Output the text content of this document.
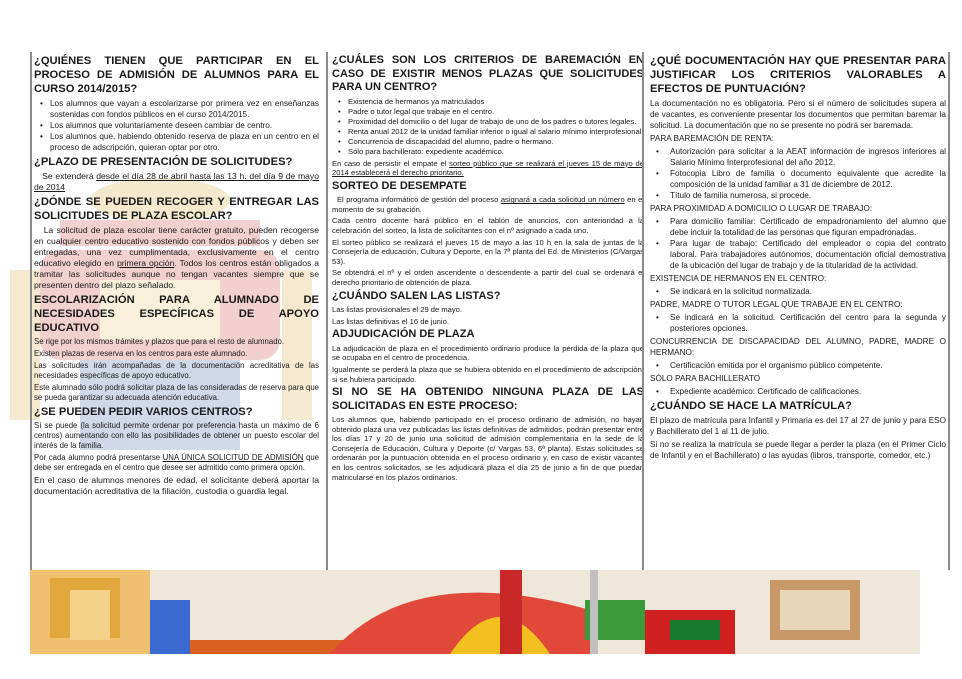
¿QUIÉNES TIENEN QUE PARTICIPAR EN EL PROCESO DE ADMISIÓN DE ALUMNOS PARA EL CURSO 2014/2015?
• Los alumnos que vayan a escolarizarse por primera vez en enseñanzas sostenidas con fondos públicos en el curso 2014/2015.
• Los alumnos que voluntariamente deseen cambiar de centro.
• Los alumnos que, habiendo obtenido reserva de plaza en un centro en el proceso de adscripción, quieran optar por otro.
¿PLAZO DE PRESENTACIÓN DE SOLICITUDES?

Se extenderá desde el día 28 de abril hasta las 13 h. del día 9 de mayo de 2014

¿DÓNDE SE PUEDEN RECOGER Y ENTREGAR LAS SOLICITUDES DE PLAZA ESCOLAR?

La solicitud de plaza escolar tiene carácter gratuito, pueden recogerse en cualquier centro educativo sostenido con fondos públicos y deben ser entregadas, una vez cumplimentada, exclusivamente en el centro educativo elegido en primera opción. Todos los centros están obligados a tramitar las solicitudes aunque no tengan vacantes siempre que se presenten dentro del plazo señalado.

ESCOLARIZACIÓN PARA ALUMNADO DE NECESIDADES ESPECÍFICAS DE APOYO EDUCATIVO

Se rige por los mismos trámites y plazos que para el resto de alumnado.

Existen plazas de reserva en los centros para este alumnado.

Las solicitudes irán acompañadas de la documentación acreditativa de las necesidades específicas de apoyo educativo.

Este alumnado sólo podrá solicitar plaza de las consideradas de reserva para que se pueda garantizar su adecuada atención educativa.

¿SE PUEDEN PEDIR VARIOS CENTROS?

Sí se puede (la solicitud permite ordenar por preferencia hasta un máximo de 6 centros) aumentando con ello las posibilidades de obtener un puesto escolar del interés de la familia.

Por cada alumno podrá presentarse UNA ÚNICA SOLICITUD DE ADMISIÓN que debe ser entregada en el centro que desee ser admitido como primera opción.

En el caso de alumnos menores de edad, el solicitante deberá aportar la documentación acreditativa de la filiación, custodia o guardia legal.

¿CUÁLES SON LOS CRITERIOS DE BAREMACIÓN EN CASO DE EXISTIR MENOS PLAZAS QUE SOLICITUDES PARA UN CENTRO?
• Existencia de hermanos ya matriculados
• Padre o tutor legal que trabaje en el centro.
• Proximidad del domicilio o del lugar de trabajo de uno de los padres o tutores legales.
• Renta anual 2012 de la unidad familiar inferior o igual al salario mínimo interprofesional.
• Concurrencia de discapacidad del alumno, padre o hermano.
• Sólo para bachillerato: expediente académico.

En caso de persistir el empate el sorteo público que se realizará el jueves 15 de mayo de 2014 establecerá el derecho prioritario.

SORTEO DE DESEMPATE

El programa informático de gestión del proceso asignará a cada solicitud un número en el momento de su grabación.

Cada centro docente hará público en el tablón de anuncios, con anterioridad a la celebración del sorteo, la lista de solicitantes con el nº asignado a cada uno.

El sorteo público se realizará el jueves 15 de mayo a las 10 h en la sala de juntas de la Consejería de educación, Cultura y Deporte, en la 7ª planta del Ed. de Ministerios (C/Vargas 53).

Se obtendrá el nº y el orden ascendente o descendente a partir del cual se ordenará el derecho prioritario de obtención de plaza.

¿CUÁNDO SALEN LAS LISTAS?

Las listas provisionales el 29 de mayo.

Las listas definitivas el 16 de junio.

ADJUDICACIÓN DE PLAZA

La adjudicación de plaza en el procedimiento ordinario produce la pérdida de la plaza que se ocupaba en el centro de procedencia.

Igualmente se perderá la plaza que se hubiera obtenido en el procedimiento de adscripción, si se hubiera participado.

SI NO SE HA OBTENIDO NINGUNA PLAZA DE LAS SOLICITADAS EN ESTE PROCESO:

Los alumnos que, habiendo participado en el proceso ordinario de admisión, no hayan obtenido plaza una vez publicadas las listas definitivas de admitidos, podrán presentar entre los días 17 y 20 de junio una solicitud de admisión complementaria en la sede de la Consejería de Educación, Cultura y Deporte (c/ Vargas 53, 6ª planta). Estas solicitudes se ordenarán por la puntuación obtenida en el proceso ordinario y, en caso de existir vacantes en los centros solicitados, se les adjudicará plaza el día 25 de junio a fin de que puedan matricularse en los plazos ordinarios.

¿QUÉ DOCUMENTACIÓN HAY QUE PRESENTAR PARA JUSTIFICAR LOS CRITERIOS VALORABLES A EFECTOS DE PUNTUACIÓN?

La documentación no es obligatoria. Pero si el número de solicitudes supera al de vacantes, es conveniente presentar los documentos que permitan baremar la solicitud. La documentación que no se presente no podrá ser baremada.

PARA BAREMACIÓN DE RENTA:

• Autorización para solicitar a la AEAT información de ingresos inferiores al Salario Mínimo Interprofesional del año 2012.
• Fotocopia Libro de familia o documento equivalente que acredite la composición de la unidad familiar a 31 de diciembre de 2012.
• Título de familia numerosa, si procede.

PARA PROXIMIDAD A DOMICILIO O LUGAR DE TRABAJO:

• Para domicilio familiar: Certificado de empadronamiento del alumno que debe incluir la totalidad de las personas que figuran empadronadas.
• Para lugar de trabajo: Certificado del empleador o copia del contrato laboral. Para trabajadores autónomos, documentación oficial demostrativa de la ubicación del lugar de trabajo y de la titularidad de la actividad.

EXISTENCIA DE HERMANOS EN EL CENTRO:

• Se indicará en la solicitud normalizada.

PADRE, MADRE O TUTOR LEGAL QUE TRABAJE EN EL CENTRO:

• Se indicará en la solicitud. Certificación del centro para la segunda y posteriores opciones.

CONCURRENCIA DE DISCAPACIDAD DEL ALUMNO, PADRE, MADRE O HERMANO:

• Certificación emitida por el organismo público competente.

SÓLO PARA BACHILLERATO

• Expediente académico: Certificado de calificaciones.
¿CUÁNDO SE HACE LA MATRÍCULA?

El plazo de matrícula para Infantil y Primaria es del 17 al 27 de junio y para ESO y Bachillerato del 1 al 11 de julio.

Si no se realiza la matrícula se puede llegar a perder la plaza (en el Primer Ciclo de Infantil y en el Bachillerato) o las ayudas (libros, transporte, comedor, etc.)
